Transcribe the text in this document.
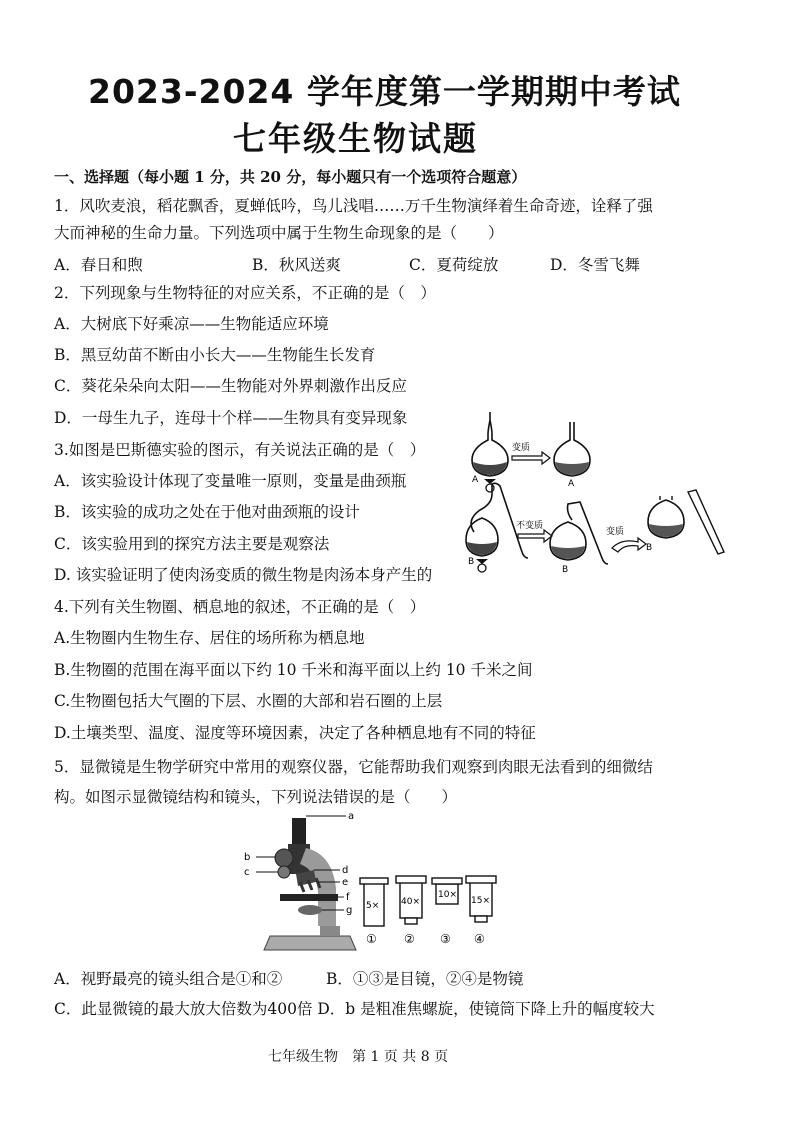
2023-2024 学年度第一学期期中考试
七年级生物试题
一、选择题（每小题 1 分，共 20 分，每小题只有一个选项符合题意）
1．风吹麦浪，稻花飘香，夏蝉低吟，鸟儿浅唱……万千生物演绎着生命奇迹，诠释了强
大而神秘的生命力量。下列选项中属于生物生命现象的是（　　）
A．春日和煦	B．秋风送爽	C．夏荷绽放	D．冬雪飞舞
2．下列现象与生物特征的对应关系，不正确的是（　）
A．大树底下好乘凉——生物能适应环境
B．黑豆幼苗不断由小长大——生物能生长发育
C．葵花朵朵向太阳——生物能对外界刺激作出反应
D．一母生九子，连母十个样——生物具有变异现象
3.如图是巴斯德实验的图示，有关说法正确的是（　）
A．该实验设计体现了变量唯一原则，变量是曲颈瓶
B．该实验的成功之处在于他对曲颈瓶的设计
C．该实验用到的探究方法主要是观察法
D. 该实验证明了使肉汤变质的微生物是肉汤本身产生的
A
变质
A
B
不变质
B
变质
B
4.下列有关生物圈、栖息地的叙述，不正确的是（　）
A.生物圈内生物生存、居住的场所称为栖息地
B.生物圈的范围在海平面以下约 10 千米和海平面以上约 10 千米之间
C.生物圈包括大气圈的下层、水圈的大部和岩石圈的上层
D.土壤类型、温度、湿度等环境因素，决定了各种栖息地有不同的特征
5．显微镜是生物学研究中常用的观察仪器，它能帮助我们观察到肉眼无法看到的细微结
构。如图示显微镜结构和镜头，下列说法错误的是（　　）
a
b
c	d
e
f
g 5× 40×
10×
15×
① ② ③ ④
A．视野最亮的镜头组合是①和②	B．①③是目镜，②④是物镜
C．此显微镜的最大放大倍数为400倍 D．b 是粗准焦螺旋，使镜筒下降上升的幅度较大
七年级生物　第 1 页 共 8 页
